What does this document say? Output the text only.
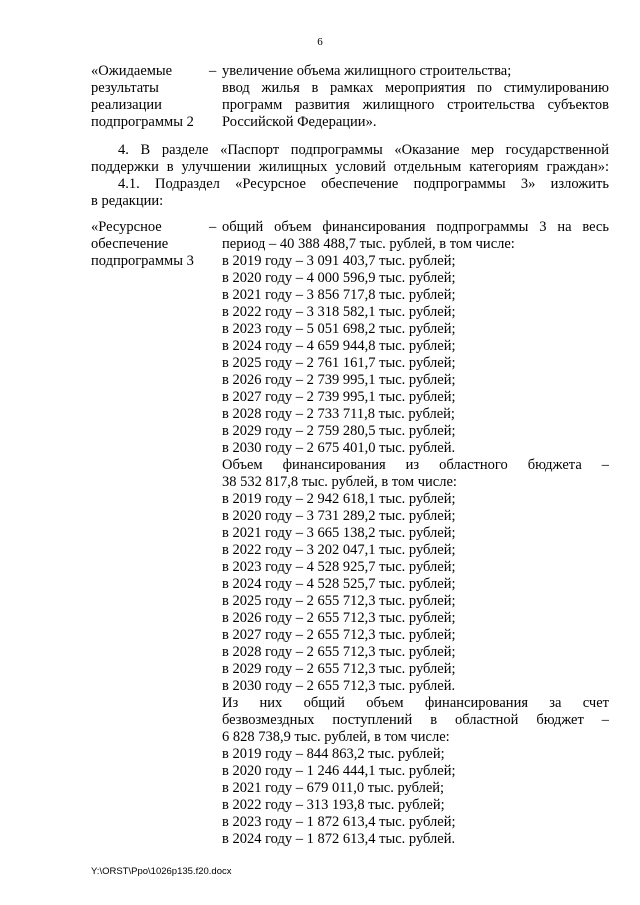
6
«Ожидаемые
результаты
реализации
подпрограммы 2
– увеличение объема жилищного строительства;
ввод жилья в рамках мероприятия по стимулированию
программ развития жилищного строительства субъектов
Российской Федерации».
4. В разделе «Паспорт подпрограммы «Оказание мер государственной
поддержки в улучшении жилищных условий отдельным категориям граждан»:
4.1. Подраздел «Ресурсное обеспечение подпрограммы 3» изложить
в редакции:
«Ресурсное
обеспечение
подпрограммы 3
– общий объем финансирования подпрограммы 3 на весь
период – 40 388 488,7 тыс. рублей, в том числе:
в 2019 году – 3 091 403,7 тыс. рублей;
в 2020 году – 4 000 596,9 тыс. рублей;
в 2021 году – 3 856 717,8 тыс. рублей;
в 2022 году – 3 318 582,1 тыс. рублей;
в 2023 году – 5 051 698,2 тыс. рублей;
в 2024 году – 4 659 944,8 тыс. рублей;
в 2025 году – 2 761 161,7 тыс. рублей;
в 2026 году – 2 739 995,1 тыс. рублей;
в 2027 году – 2 739 995,1 тыс. рублей;
в 2028 году – 2 733 711,8 тыс. рублей;
в 2029 году – 2 759 280,5 тыс. рублей;
в 2030 году – 2 675 401,0 тыс. рублей.
Объем финансирования из областного бюджета –
38 532 817,8 тыс. рублей, в том числе:
в 2019 году – 2 942 618,1 тыс. рублей;
в 2020 году – 3 731 289,2 тыс. рублей;
в 2021 году – 3 665 138,2 тыс. рублей;
в 2022 году – 3 202 047,1 тыс. рублей;
в 2023 году – 4 528 925,7 тыс. рублей;
в 2024 году – 4 528 525,7 тыс. рублей;
в 2025 году – 2 655 712,3 тыс. рублей;
в 2026 году – 2 655 712,3 тыс. рублей;
в 2027 году – 2 655 712,3 тыс. рублей;
в 2028 году – 2 655 712,3 тыс. рублей;
в 2029 году – 2 655 712,3 тыс. рублей;
в 2030 году – 2 655 712,3 тыс. рублей.
Из них общий объем финансирования за счет
безвозмездных поступлений в областной бюджет –
6 828 738,9 тыс. рублей, в том числе:
в 2019 году – 844 863,2 тыс. рублей;
в 2020 году – 1 246 444,1 тыс. рублей;
в 2021 году – 679 011,0 тыс. рублей;
в 2022 году – 313 193,8 тыс. рублей;
в 2023 году – 1 872 613,4 тыс. рублей;
в 2024 году – 1 872 613,4 тыс. рублей.
Y:\ORST\Ppo\1026p135.f20.docx
